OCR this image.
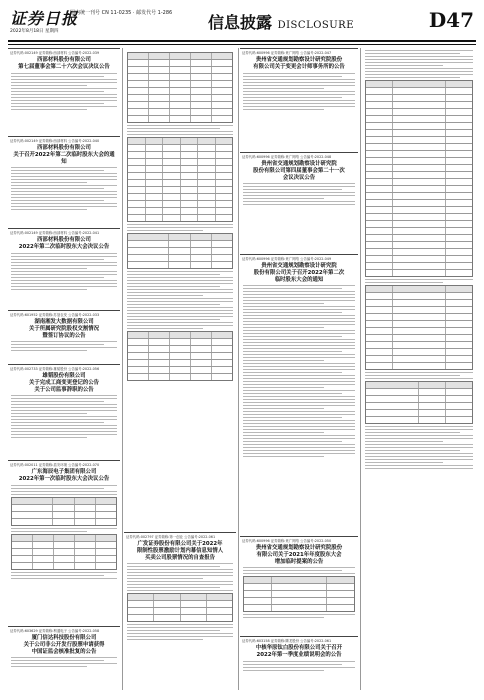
证券日报
国内统一刊号 CN 11-0235 · 邮发代号 1-286
2022年8月18日 星期四	信息披露 DISCLOSURE	D47
证券代码:002149 证券简称:西部材料 公告编号:2022-039
西部材料股份有限公司
第七届董事会第二十六次会议决议公告
证券代码:002149 证券简称:西部材料 公告编号:2022-040
西部材料股份有限公司
关于召开2022年第二次临时股东大会的通知
证券代码:002149 证券简称:西部材料 公告编号:2022-041
西部材料股份有限公司
2022年第二次临时股东大会决议公告
证券代码:601952 证券简称:苏垦农发 公告编号:2022-033
湖南湘发大数据有限公司
关于所属研究院股权交割情况
暨签订协议的公告
证券代码:002733 证券简称:雄韬股份 公告编号:2022-056
雄韬股份有限公司
关于完成工商变更登记的公告
关于公司监事辞职的公告
证券代码:002011 证券简称:盾安环境 公告编号:2022-070
广东海辰电子集团有限公司
2022年第一次临时股东大会决议公告
证券代码:603629 证券简称:利通电子 公告编号:2022-058
厦门信达科技股份有限公司
关于公司非公开发行股票申请获得
中国证监会核准批复的公告
证券代码:002797 证券简称:第一创业 公告编号:2022-061
广发证券股份有限公司关于2022年
限制性股票激励计划内幕信息知情人
买卖公司股票情况的自查报告
证券代码:600996 证券简称:贵广网络 公告编号:2022-047
贵州省交通规划勘察设计研究院股份
有限公司关于变更会计师事务所的公告
证券代码:600996 证券简称:贵广网络 公告编号:2022-048
贵州省交通规划勘察设计研究院
股份有限公司第四届董事会第二十一次
会议决议公告
证券代码:600996 证券简称:贵广网络 公告编号:2022-049
贵州省交通规划勘察设计研究院
股份有限公司关于召开2022年第二次
临时股东大会的通知
证券代码:600996 证券简称:贵广网络 公告编号:2022-050
贵州省交通规划勘察设计研究院股份
有限公司关于2021年年度股东大会
增加临时提案的公告
证券代码:603158 证券简称:腾龙股份 公告编号:2022-061
中核华原钛白股份有限公司关于召开
2022年第一季度业绩说明会的公告
